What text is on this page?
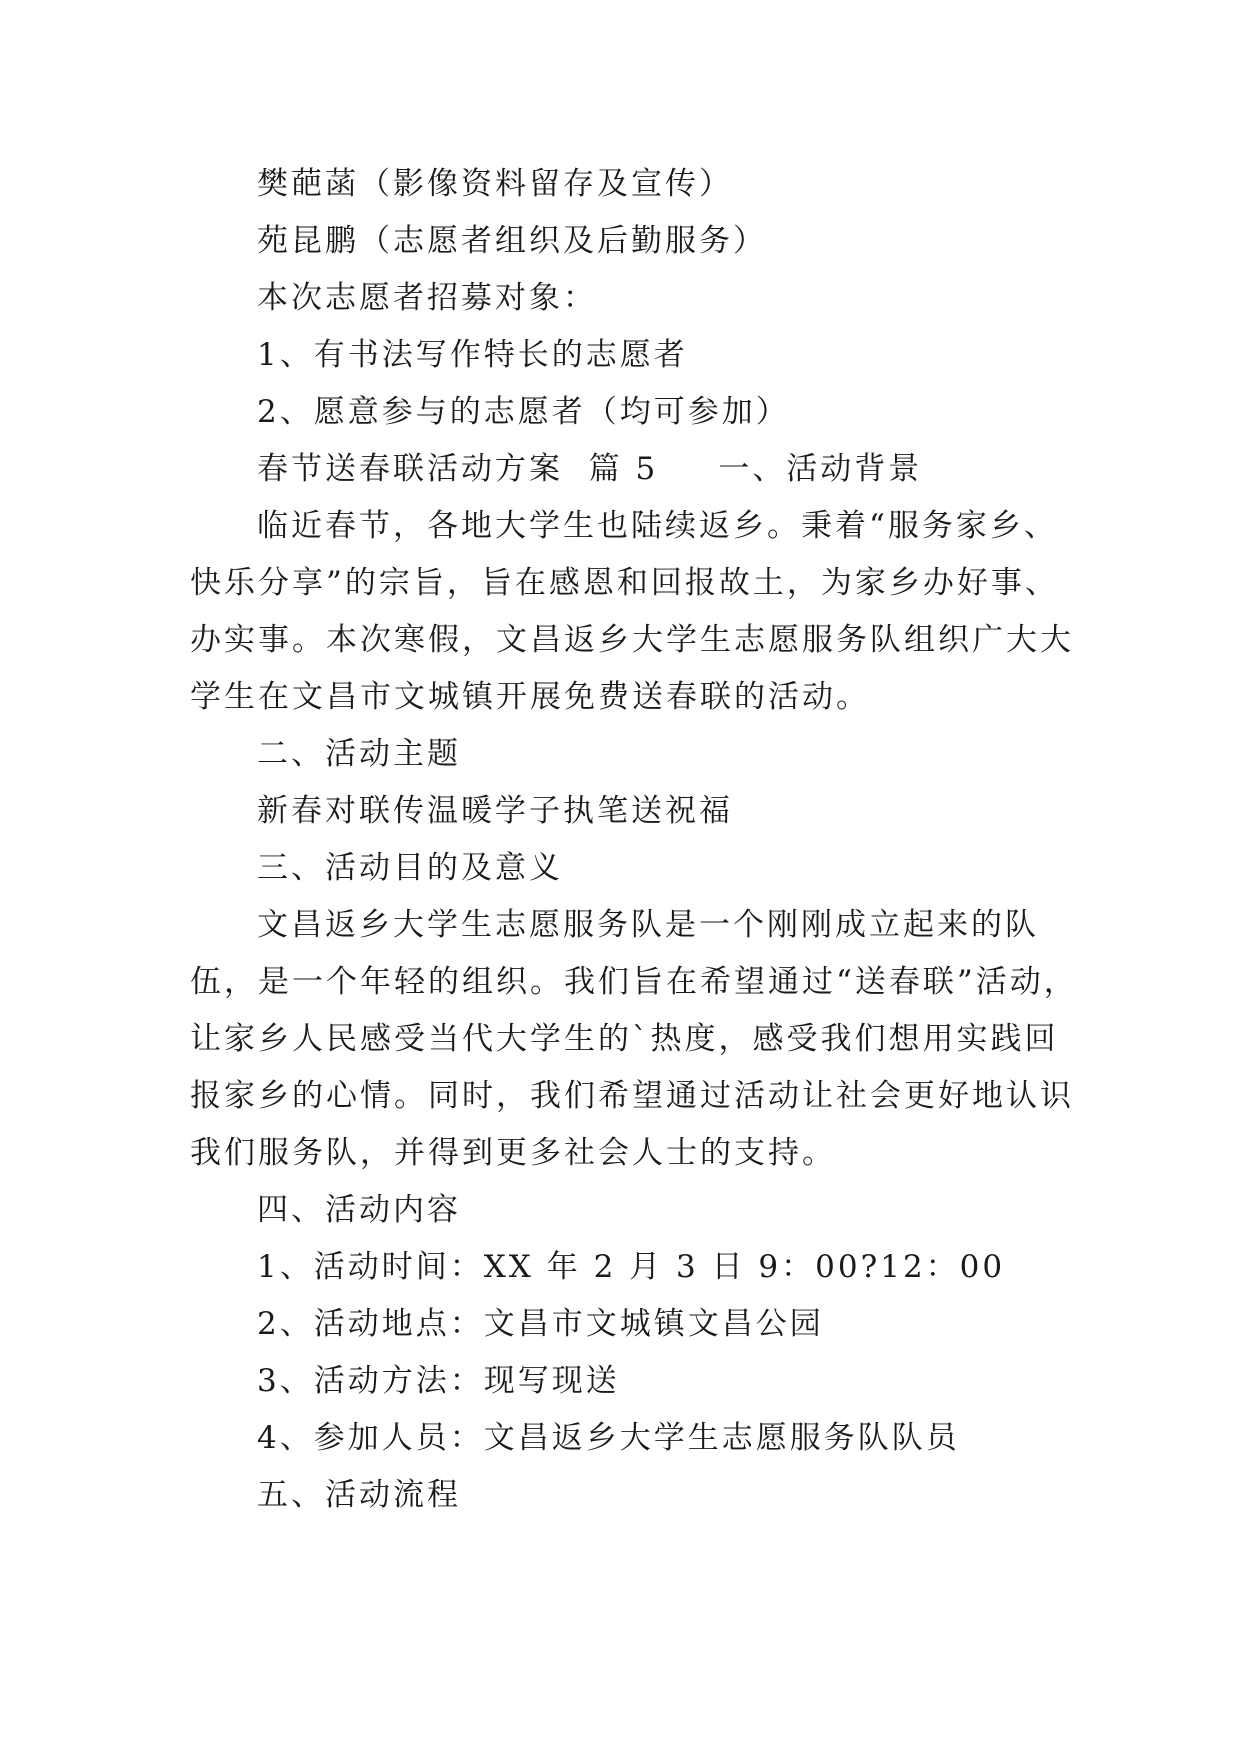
樊葩菡（影像资料留存及宣传）
苑昆鹏（志愿者组织及后勤服务）
本次志愿者招募对象：
1、有书法写作特长的志愿者
2、愿意参与的志愿者（均可参加）
春节送春联活动方案  篇 5 一、活动背景
临近春节，各地大学生也陆续返乡。秉着“服务家乡、
快乐分享”的宗旨，旨在感恩和回报故土，为家乡办好事、
办实事。本次寒假，文昌返乡大学生志愿服务队组织广大大
学生在文昌市文城镇开展免费送春联的活动。
二、活动主题
新春对联传温暖学子执笔送祝福
三、活动目的及意义
文昌返乡大学生志愿服务队是一个刚刚成立起来的队
伍，是一个年轻的组织。我们旨在希望通过“送春联”活动，
让家乡人民感受当代大学生的`热度，感受我们想用实践回
报家乡的心情。同时，我们希望通过活动让社会更好地认识
我们服务队，并得到更多社会人士的支持。
四、活动内容
1、活动时间：XX 年 2 月 3 日 9：00?12：00
2、活动地点：文昌市文城镇文昌公园
3、活动方法：现写现送
4、参加人员：文昌返乡大学生志愿服务队队员
五、活动流程
